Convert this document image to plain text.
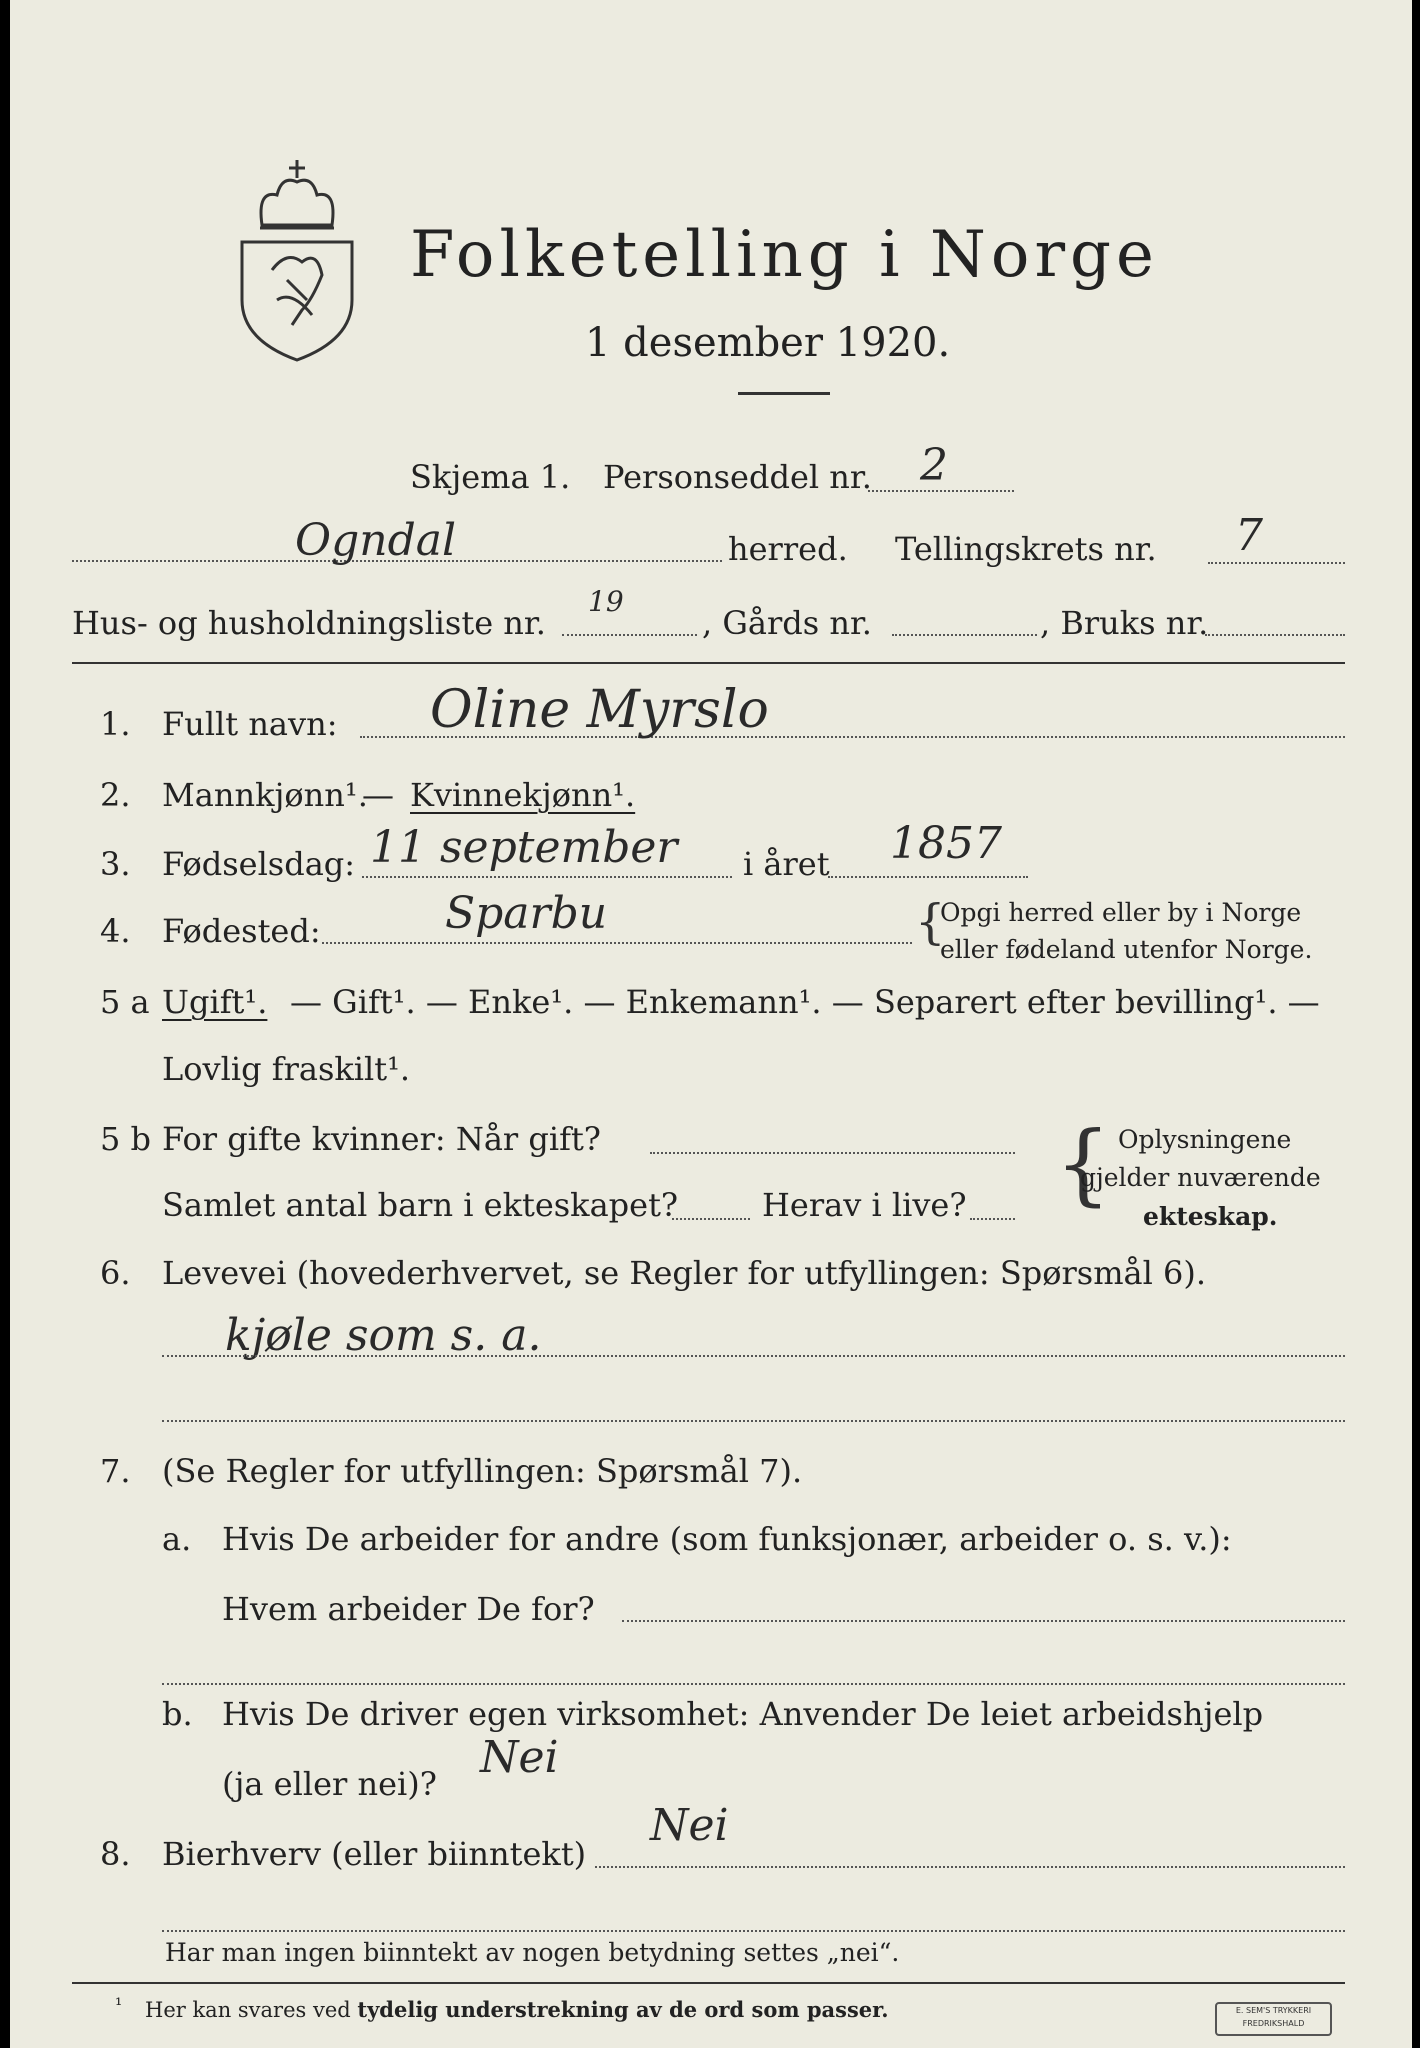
Folketelling i Norge
1 desember 1920.
Skjema 1. Personseddel nr. 2
Ogndal	herred. Tellingskrets nr. 7
Hus- og husholdningsliste nr.
19
, Gårds nr.	, Bruks nr.
1. Fullt navn: Oline Myrslo
2. Mannkjønn¹.
— Kvinnekjønn¹.
3. Fødselsdag: 11 september i året 1857
4. Fødested:	Sparbu	{
Opgi herred eller by i Norge
eller fødeland utenfor Norge.
5 a Ugift¹. — Gift¹. — Enke¹. — Enkemann¹. — Separert efter bevilling¹. —
Lovlig fraskilt¹.
5 b For gifte kvinner: Når gift?
Samlet antal barn i ekteskapet?	Herav i live? { Oplysningene
gjelder nuværende
ekteskap.
6. Levevei (hovederhvervet, se Regler for utfyllingen: Spørsmål 6).
kjøle som s. a.
7. (Se Regler for utfyllingen: Spørsmål 7).
a. Hvis De arbeider for andre (som funksjonær, arbeider o. s. v.):
Hvem arbeider De for?
b. Hvis De driver egen virksomhet: Anvender De leiet arbeidshjelp
(ja eller nei)?
Nei
8. Bierhverv (eller biinntekt)
Nei
Har man ingen biinntekt av nogen betydning settes „nei“.
¹ Her kan svares ved tydelig understrekning av de ord som passer.	E. SEM'S TRYKKERI
FREDRIKSHALD
